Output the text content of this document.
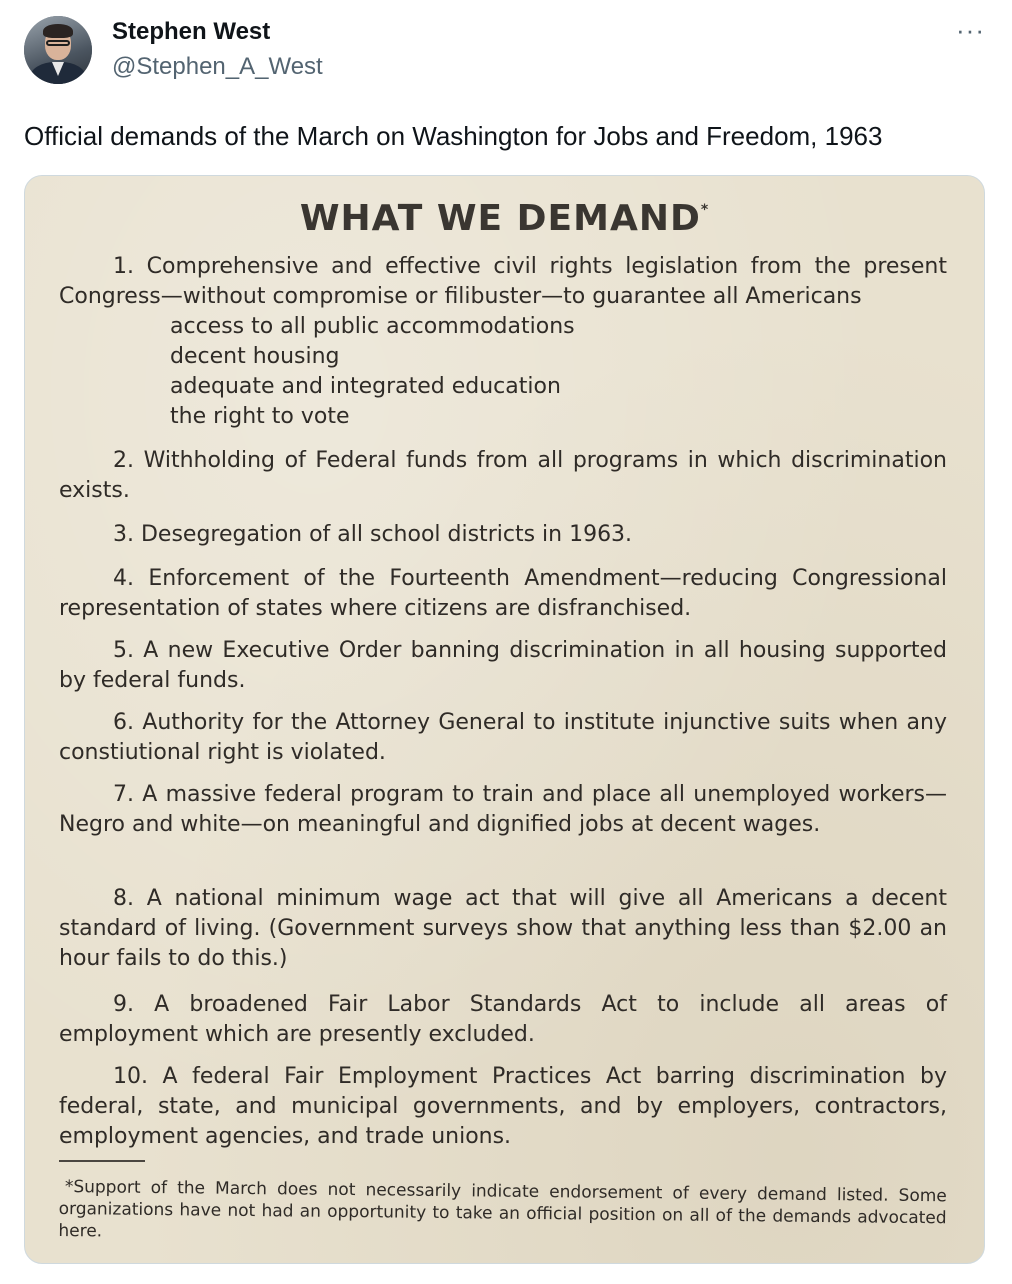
Stephen West
@Stephen_A_West
···
Official demands of the March on Washington for Jobs and Freedom, 1963
WHAT WE DEMAND*
1. Comprehensive and effective civil rights legislation from the present Congress—without compromise or filibuster—to guarantee all Americans
access to all public accommodations
decent housing
adequate and integrated education
the right to vote
2. Withholding of Federal funds from all programs in which discrimination exists.
3. Desegregation of all school districts in 1963.
4. Enforcement of the Fourteenth Amendment—reducing Congressional representation of states where citizens are disfranchised.
5. A new Executive Order banning discrimination in all housing supported by federal funds.
6. Authority for the Attorney General to institute injunctive suits when any constiutional right is violated.
7. A massive federal program to train and place all unemployed workers—Negro and white—on meaningful and dignified jobs at decent wages.
8. A national minimum wage act that will give all Americans a decent standard of living. (Government surveys show that anything less than $2.00 an hour fails to do this.)
9. A broadened Fair Labor Standards Act to include all areas of employment which are presently excluded.
10. A federal Fair Employment Practices Act barring discrimination by federal, state, and municipal governments, and by employers, contractors, employment agencies, and trade unions.
*Support of the March does not necessarily indicate endorsement of every demand listed. Some organizations have not had an opportunity to take an official position on all of the demands advocated here.
